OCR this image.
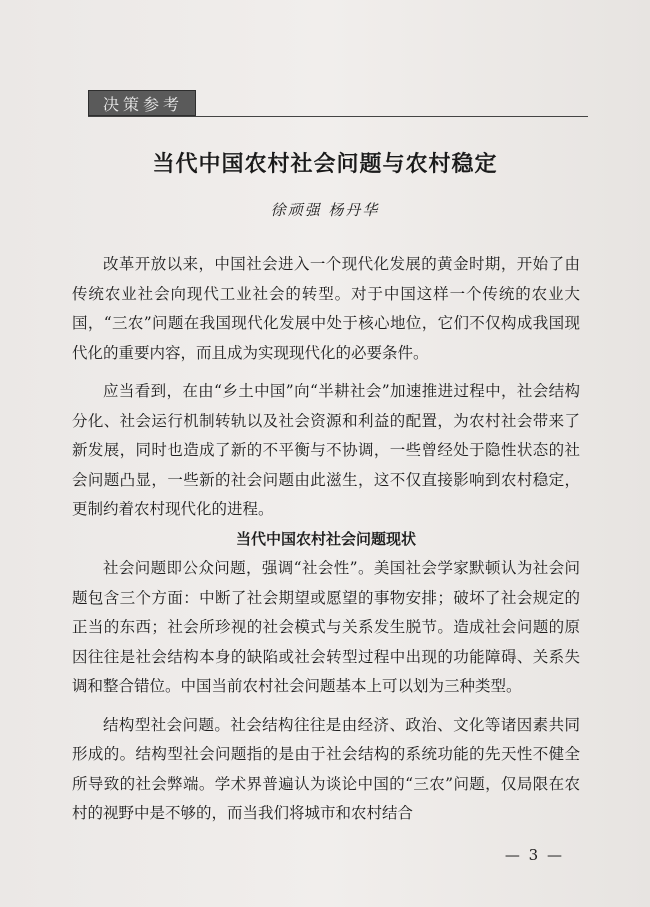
决策参考
当代中国农村社会问题与农村稳定
徐顽强 杨丹华

改革开放以来，中国社会进入一个现代化发展的黄金时期，开始了由传统农业社会向现代工业社会的转型。对于中国这样一个传统的农业大国，“三农”问题在我国现代化发展中处于核心地位，它们不仅构成我国现代化的重要内容，而且成为实现现代化的必要条件。

应当看到，在由“乡土中国”向“半耕社会”加速推进过程中，社会结构分化、社会运行机制转轨以及社会资源和利益的配置，为农村社会带来了新发展，同时也造成了新的不平衡与不协调，一些曾经处于隐性状态的社会问题凸显，一些新的社会问题由此滋生，这不仅直接影响到农村稳定，更制约着农村现代化的进程。

当代中国农村社会问题现状

社会问题即公众问题，强调“社会性”。美国社会学家默顿认为社会问题包含三个方面：中断了社会期望或愿望的事物安排；破坏了社会规定的正当的东西；社会所珍视的社会模式与关系发生脱节。造成社会问题的原因往往是社会结构本身的缺陷或社会转型过程中出现的功能障碍、关系失调和整合错位。中国当前农村社会问题基本上可以划为三种类型。

结构型社会问题。社会结构往往是由经济、政治、文化等诸因素共同形成的。结构型社会问题指的是由于社会结构的系统功能的先天性不健全所导致的社会弊端。学术界普遍认为谈论中国的“三农”问题，仅局限在农村的视野中是不够的，而当我们将城市和农村结合

— 3 —
